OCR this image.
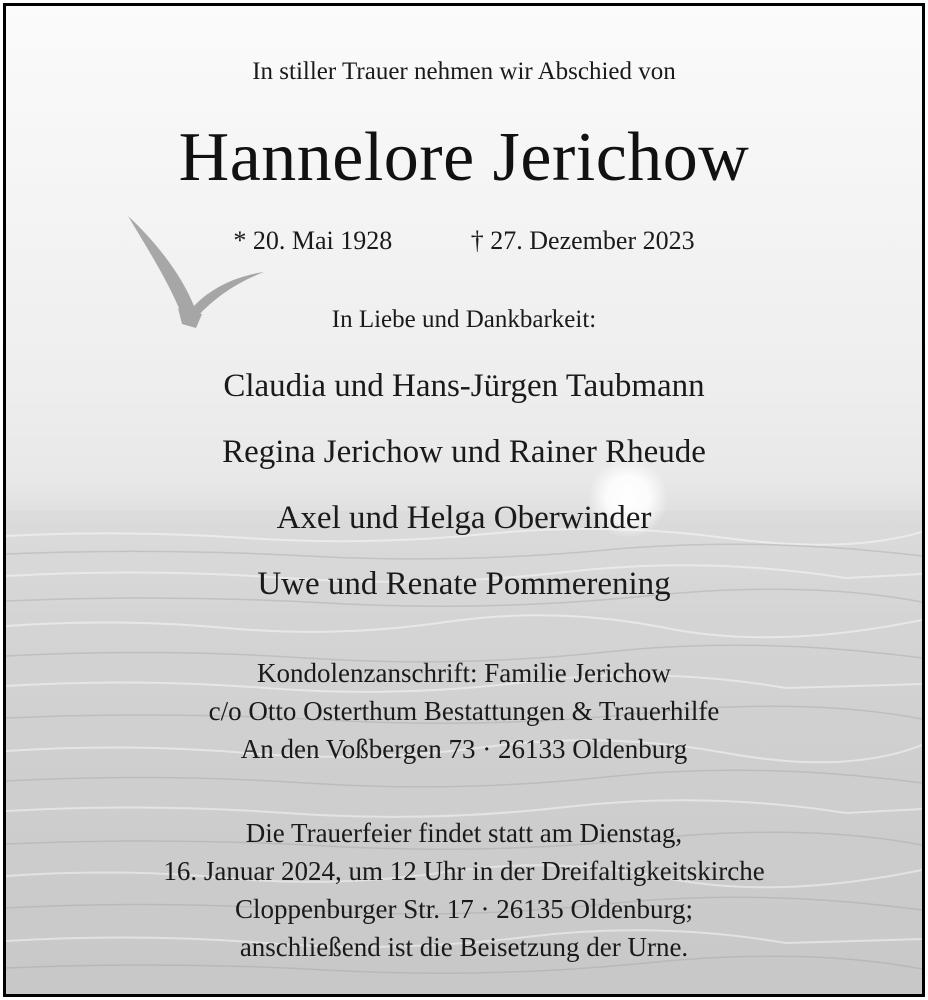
In stiller Trauer nehmen wir Abschied von
Hannelore Jerichow
* 20. Mai 1928	† 27. Dezember 2023
In Liebe und Dankbarkeit:
Claudia und Hans-Jürgen Taubmann
Regina Jerichow und Rainer Rheude
Axel und Helga Oberwinder
Uwe und Renate Pommerening
Kondolenzanschrift: Familie Jerichow
c/o Otto Osterthum Bestattungen & Trauerhilfe
An den Voßbergen 73 · 26133 Oldenburg
Die Trauerfeier findet statt am Dienstag,
16. Januar 2024, um 12 Uhr in der Dreifaltigkeitskirche
Cloppenburger Str. 17 · 26135 Oldenburg;
anschließend ist die Beisetzung der Urne.
